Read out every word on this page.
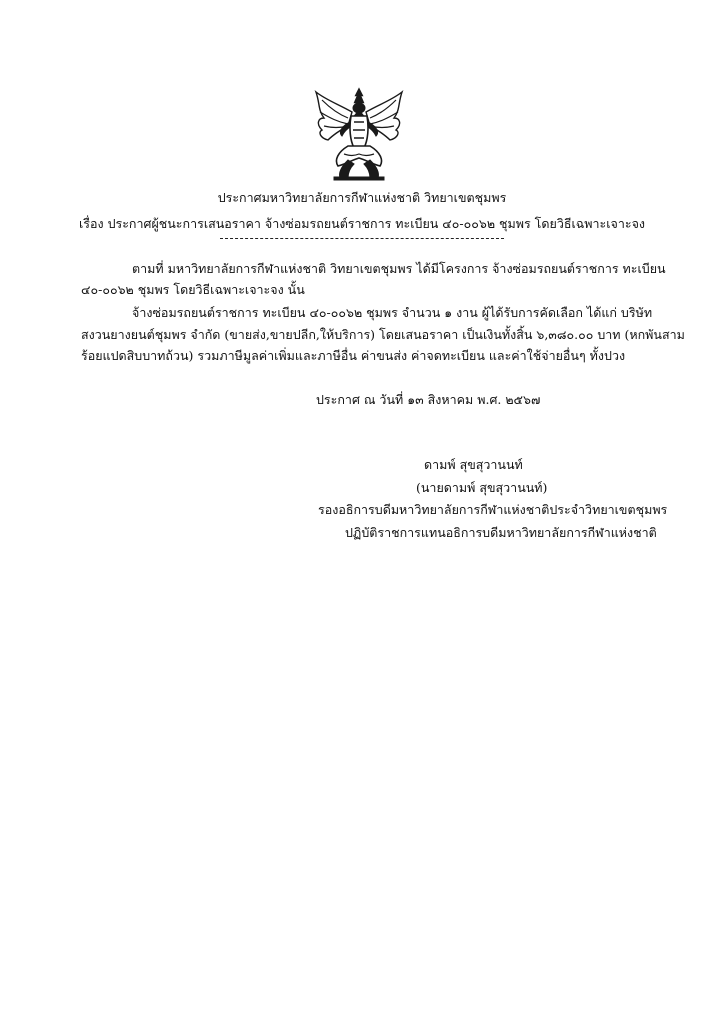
ประกาศมหาวิทยาลัยการกีฬาแห่งชาติ วิทยาเขตชุมพร
เรื่อง ประกาศผู้ชนะการเสนอราคา จ้างซ่อมรถยนต์ราชการ ทะเบียน ๔๐-๐๐๖๒ ชุมพร โดยวิธีเฉพาะเจาะจง
ตามที่ มหาวิทยาลัยการกีฬาแห่งชาติ วิทยาเขตชุมพร ได้มีโครงการ จ้างซ่อมรถยนต์ราชการ ทะเบียน
๔๐-๐๐๖๒ ชุมพร โดยวิธีเฉพาะเจาะจง นั้น
จ้างซ่อมรถยนต์ราชการ ทะเบียน ๔๐-๐๐๖๒ ชุมพร จำนวน ๑ งาน ผู้ได้รับการคัดเลือก ได้แก่ บริษัท
สงวนยางยนต์ชุมพร จำกัด (ขายส่ง,ขายปลีก,ให้บริการ) โดยเสนอราคา เป็นเงินทั้งสิ้น ๖,๓๘๐.๐๐ บาท (หกพันสาม
ร้อยแปดสิบบาทถ้วน) รวมภาษีมูลค่าเพิ่มและภาษีอื่น ค่าขนส่ง ค่าจดทะเบียน และค่าใช้จ่ายอื่นๆ ทั้งปวง
ประกาศ ณ วันที่ ๑๓ สิงหาคม พ.ศ. ๒๕๖๗
ดามพ์ สุขสุวานนท์
(นายดามพ์ สุขสุวานนท์)
รองอธิการบดีมหาวิทยาลัยการกีฬาแห่งชาติประจำวิทยาเขตชุมพร
ปฏิบัติราชการแทนอธิการบดีมหาวิทยาลัยการกีฬาแห่งชาติ
